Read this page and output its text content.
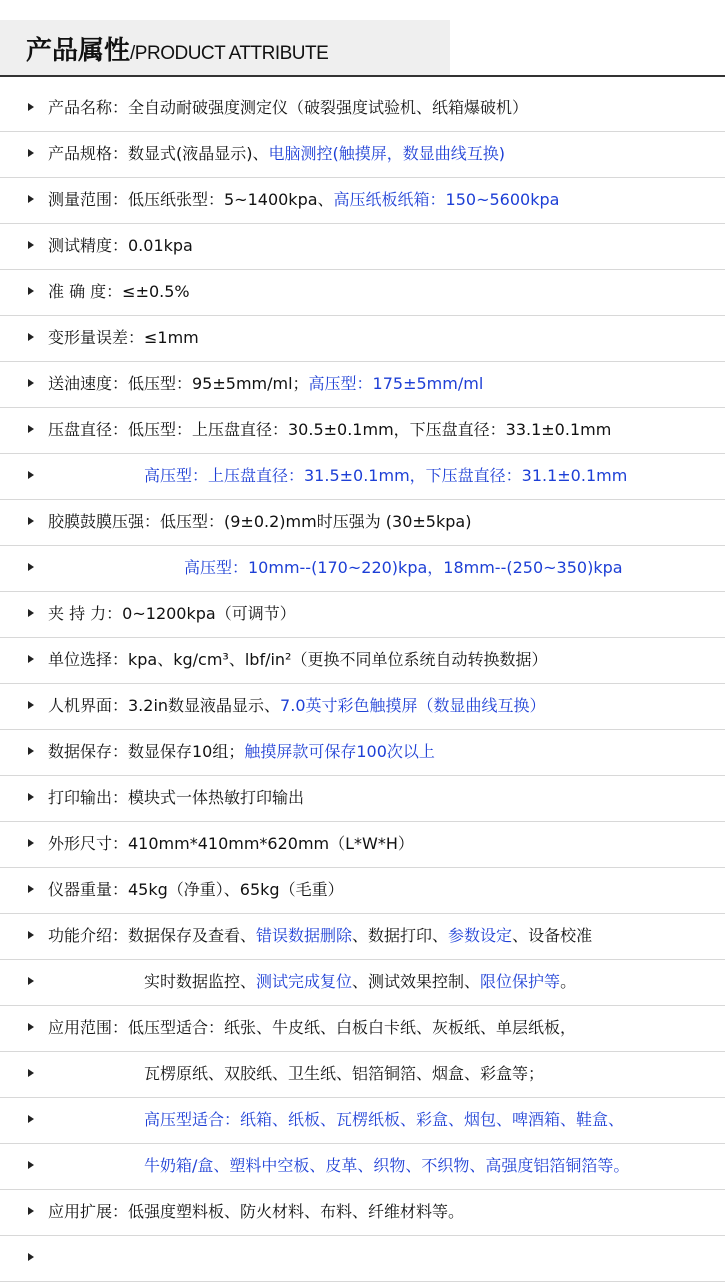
产品属性/PRODUCT ATTRIBUTE
产品名称：全自动耐破强度测定仪（破裂强度试验机、纸箱爆破机）
产品规格：数显式(液晶显示)、电脑测控(触摸屏，数显曲线互换)
测量范围：低压纸张型：5~1400kpa、高压纸板纸箱：150~5600kpa
测试精度：0.01kpa
准 确 度：≤±0.5%
变形量误差：≤1mm
送油速度：低压型：95±5mm/ml；高压型：175±5mm/ml
压盘直径：低压型：上压盘直径：30.5±0.1mm，下压盘直径：33.1±0.1mm
高压型：上压盘直径：31.5±0.1mm，下压盘直径：31.1±0.1mm
胶膜鼓膜压强：低压型：(9±0.2)mm时压强为 (30±5kpa)
高压型：10mm--(170~220)kpa，18mm--(250~350)kpa
夹 持 力：0~1200kpa（可调节）
单位选择：kpa、kg/cm³、lbf/in²（更换不同单位系统自动转换数据）
人机界面：3.2in数显液晶显示、7.0英寸彩色触摸屏（数显曲线互换）
数据保存：数显保存10组；触摸屏款可保存100次以上
打印输出：模块式一体热敏打印输出
外形尺寸：410mm*410mm*620mm（L*W*H）
仪器重量：45kg（净重）、65kg（毛重）
功能介绍：数据保存及查看、错误数据删除、数据打印、参数设定、设备校准
实时数据监控、测试完成复位、测试效果控制、限位保护等。
应用范围：低压型适合：纸张、牛皮纸、白板白卡纸、灰板纸、单层纸板，
瓦楞原纸、双胶纸、卫生纸、铝箔铜箔、烟盒、彩盒等；
高压型适合：纸箱、纸板、瓦楞纸板、彩盒、烟包、啤酒箱、鞋盒、
牛奶箱/盒、塑料中空板、皮革、织物、不织物、高强度铝箔铜箔等。
应用扩展：低强度塑料板、防火材料、布料、纤维材料等。
